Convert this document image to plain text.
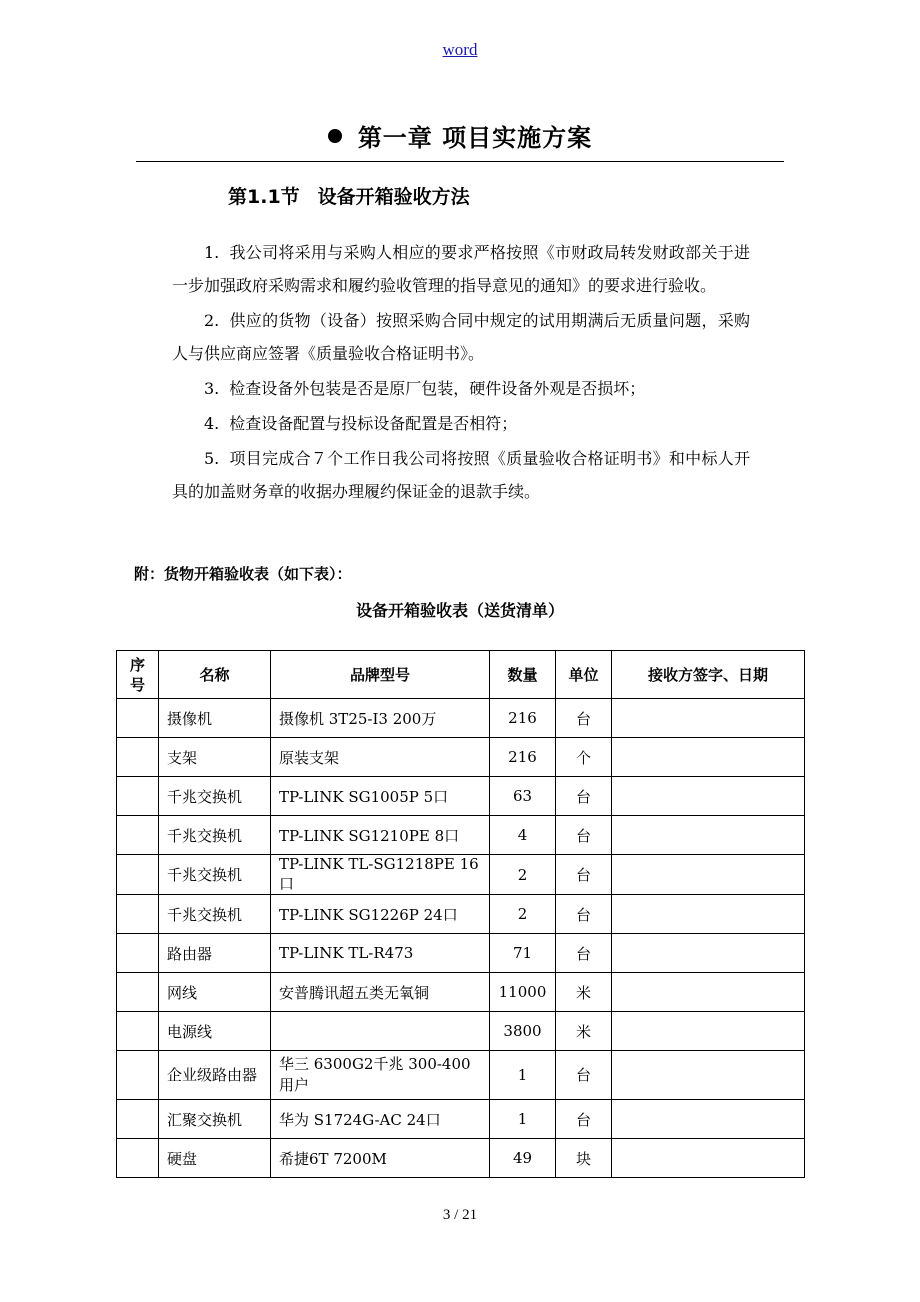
word
第一章 项目实施方案
第1.1节 设备开箱验收方法

1. 我公司将采用与采购人相应的要求严格按照《市财政局转发财政部关于进一步加强政府采购需求和履约验收管理的指导意见的通知》的要求进行验收。

2. 供应的货物（设备）按照采购合同中规定的试用期满后无质量问题，采购人与供应商应签署《质量验收合格证明书》。

3. 检查设备外包装是否是原厂包装，硬件设备外观是否损坏；

4. 检查设备配置与投标设备配置是否相符；

5. 项目完成合７个工作日我公司将按照《质量验收合格证明书》和中标人开具的加盖财务章的收据办理履约保证金的退款手续。

附：货物开箱验收表（如下表）：
设备开箱验收表（送货清单）
序号	名称	品牌型号	数量	单位	接收方签字、日期
	摄像机	摄像机 3T25-I3 200万	216	台	
	支架	原装支架	216	个	
	千兆交换机	TP-LINK SG1005P 5口	63	台	
	千兆交换机	TP-LINK SG1210PE 8口	4	台	
	千兆交换机	TP-LINK TL-SG1218PE 16口	2	台	
	千兆交换机	TP-LINK SG1226P 24口	2	台	
	路由器	TP-LINK TL-R473	71	台	
	网线	安普腾讯超五类无氧铜	11000	米	
	电源线		3800	米	
	企业级路由器	华三 6300G2千兆 300-400用户	1	台	
	汇聚交换机	华为 S1724G-AC 24口	1	台	
	硬盘	希捷6T 7200M	49	块	
3 / 21
